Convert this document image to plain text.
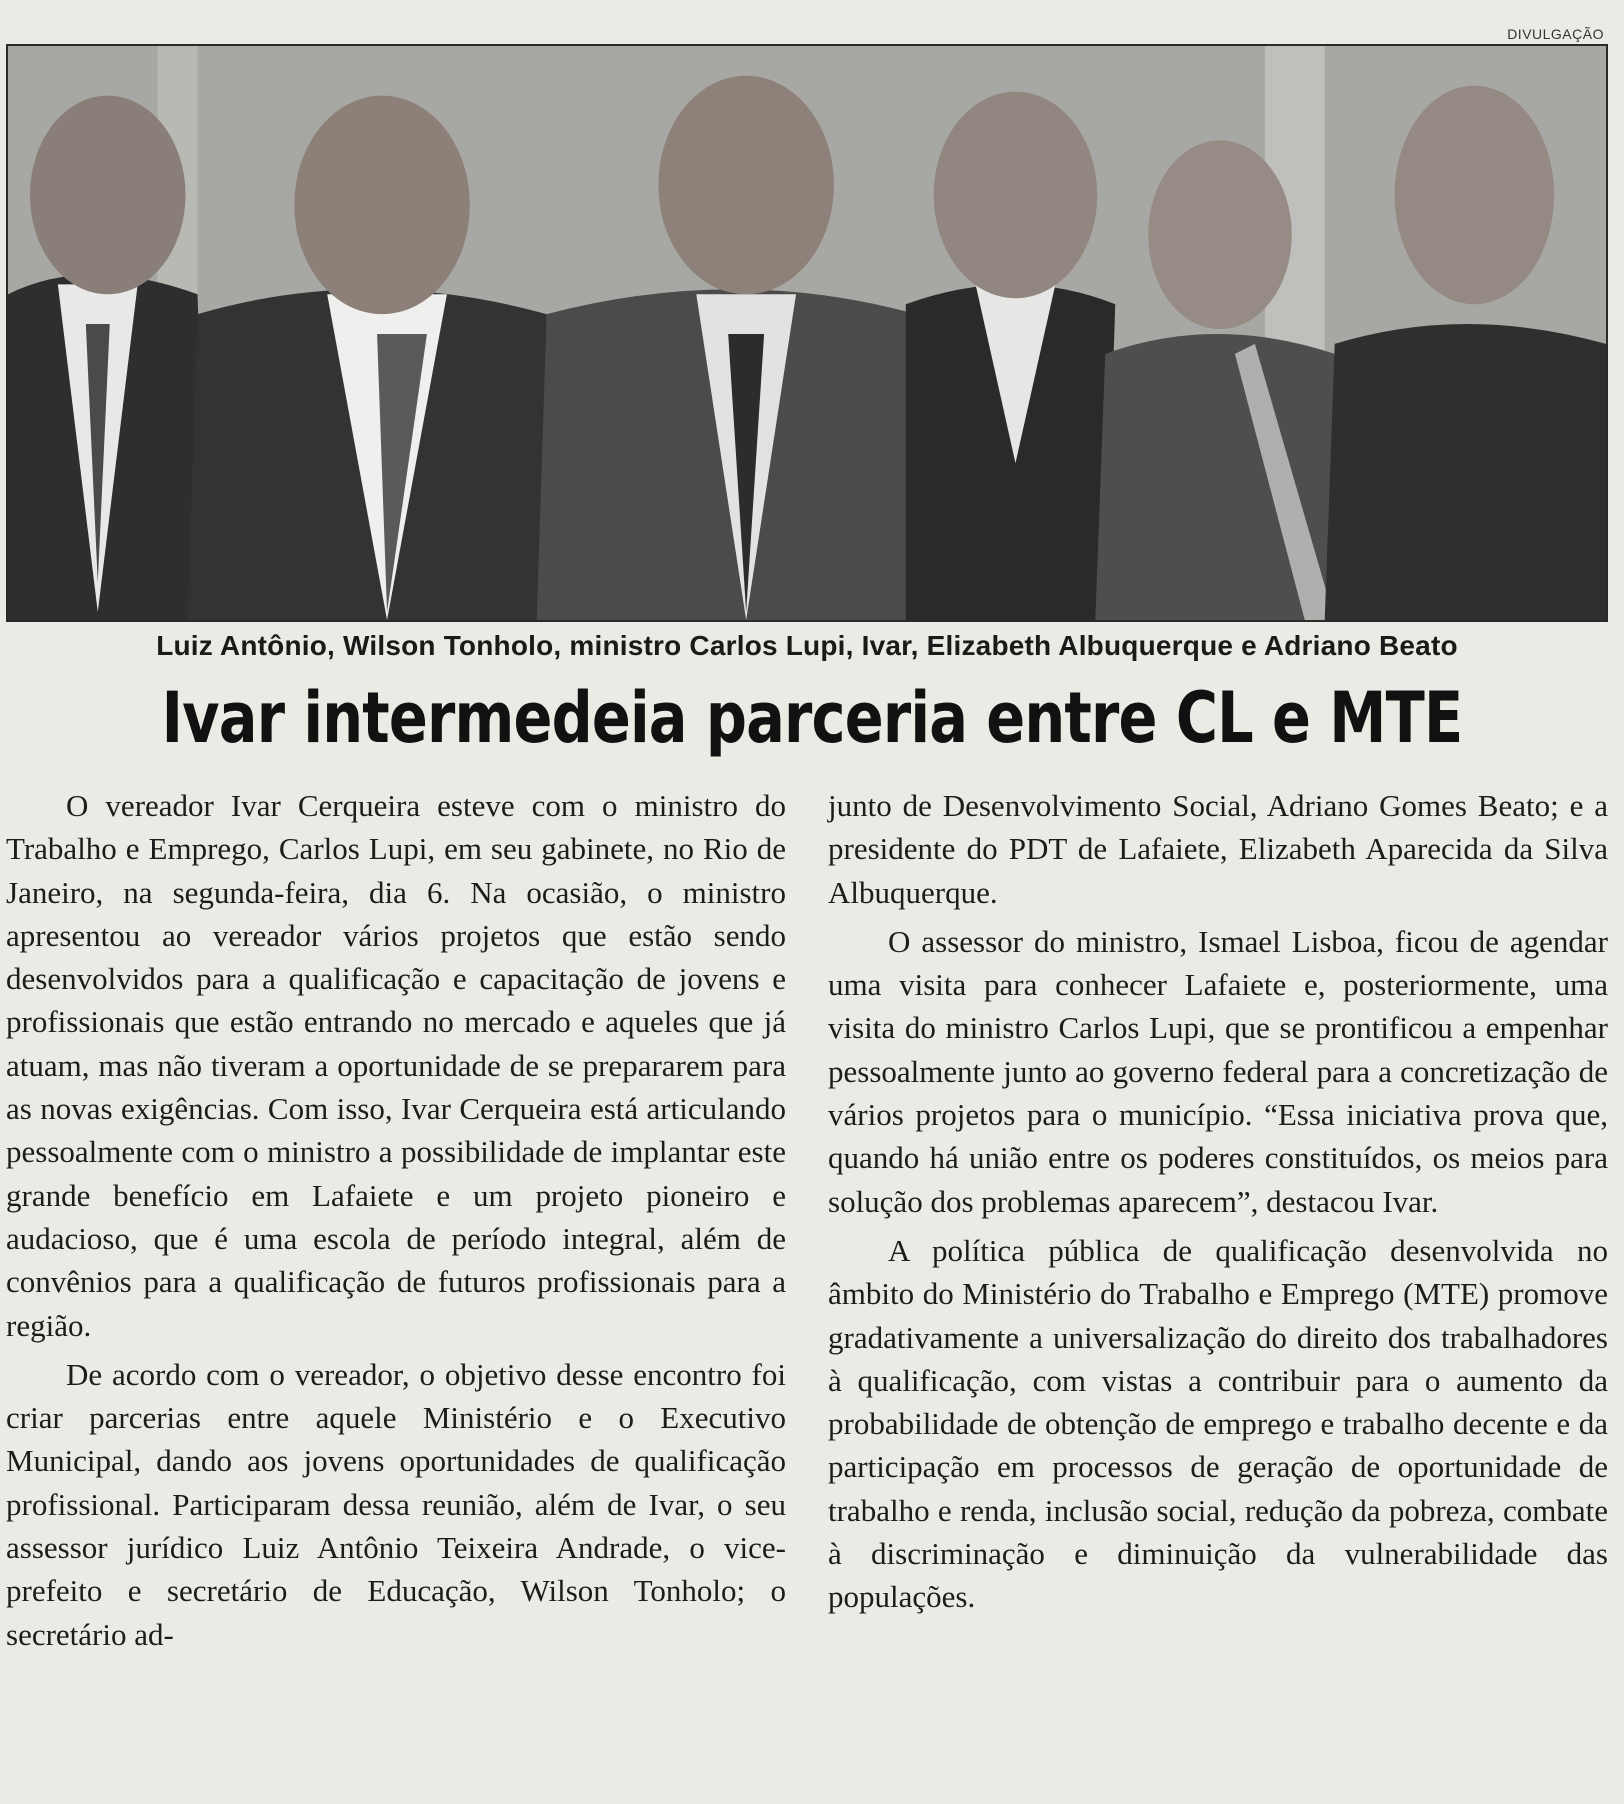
DIVULGAÇÃO
Luiz Antônio, Wilson Tonholo, ministro Carlos Lupi, Ivar, Elizabeth Albuquerque e Adriano Beato
Ivar intermedeia parceria entre CL e MTE

O vereador Ivar Cerqueira esteve com o ministro do Trabalho e Emprego, Carlos Lupi, em seu gabinete, no Rio de Janeiro, na segunda-feira, dia 6. Na ocasião, o ministro apresentou ao vereador vários projetos que estão sendo desenvolvidos para a qualificação e capacitação de jovens e profissionais que estão entrando no mercado e aqueles que já atuam, mas não tiveram a oportunidade de se prepararem para as novas exigências. Com isso, Ivar Cerqueira está articulando pessoalmente com o ministro a possibilidade de implantar este grande benefício em Lafaiete e um projeto pioneiro e audacioso, que é uma escola de período integral, além de convênios para a qualificação de futuros profissionais para a região.

De acordo com o vereador, o objetivo desse encontro foi criar parcerias entre aquele Ministério e o Executivo Municipal, dando aos jovens oportunidades de qualificação profissional. Participaram dessa reunião, além de Ivar, o seu assessor jurídico Luiz Antônio Teixeira Andrade, o vice-prefeito e secretário de Educação, Wilson Tonholo; o secretário ad-

junto de Desenvolvimento Social, Adriano Gomes Beato; e a presidente do PDT de Lafaiete, Elizabeth Aparecida da Silva Albuquerque.

O assessor do ministro, Ismael Lisboa, ficou de agendar uma visita para conhecer Lafaiete e, posteriormente, uma visita do ministro Carlos Lupi, que se prontificou a empenhar pessoalmente junto ao governo federal para a concretização de vários projetos para o município. “Essa iniciativa prova que, quando há união entre os poderes constituídos, os meios para solução dos problemas aparecem”, destacou Ivar.

A política pública de qualificação desenvolvida no âmbito do Ministério do Trabalho e Emprego (MTE) promove gradativamente a universalização do direito dos trabalhadores à qualificação, com vistas a contribuir para o aumento da probabilidade de obtenção de emprego e trabalho decente e da participação em processos de geração de oportunidade de trabalho e renda, inclusão social, redução da pobreza, combate à discriminação e diminuição da vulnerabilidade das populações.
